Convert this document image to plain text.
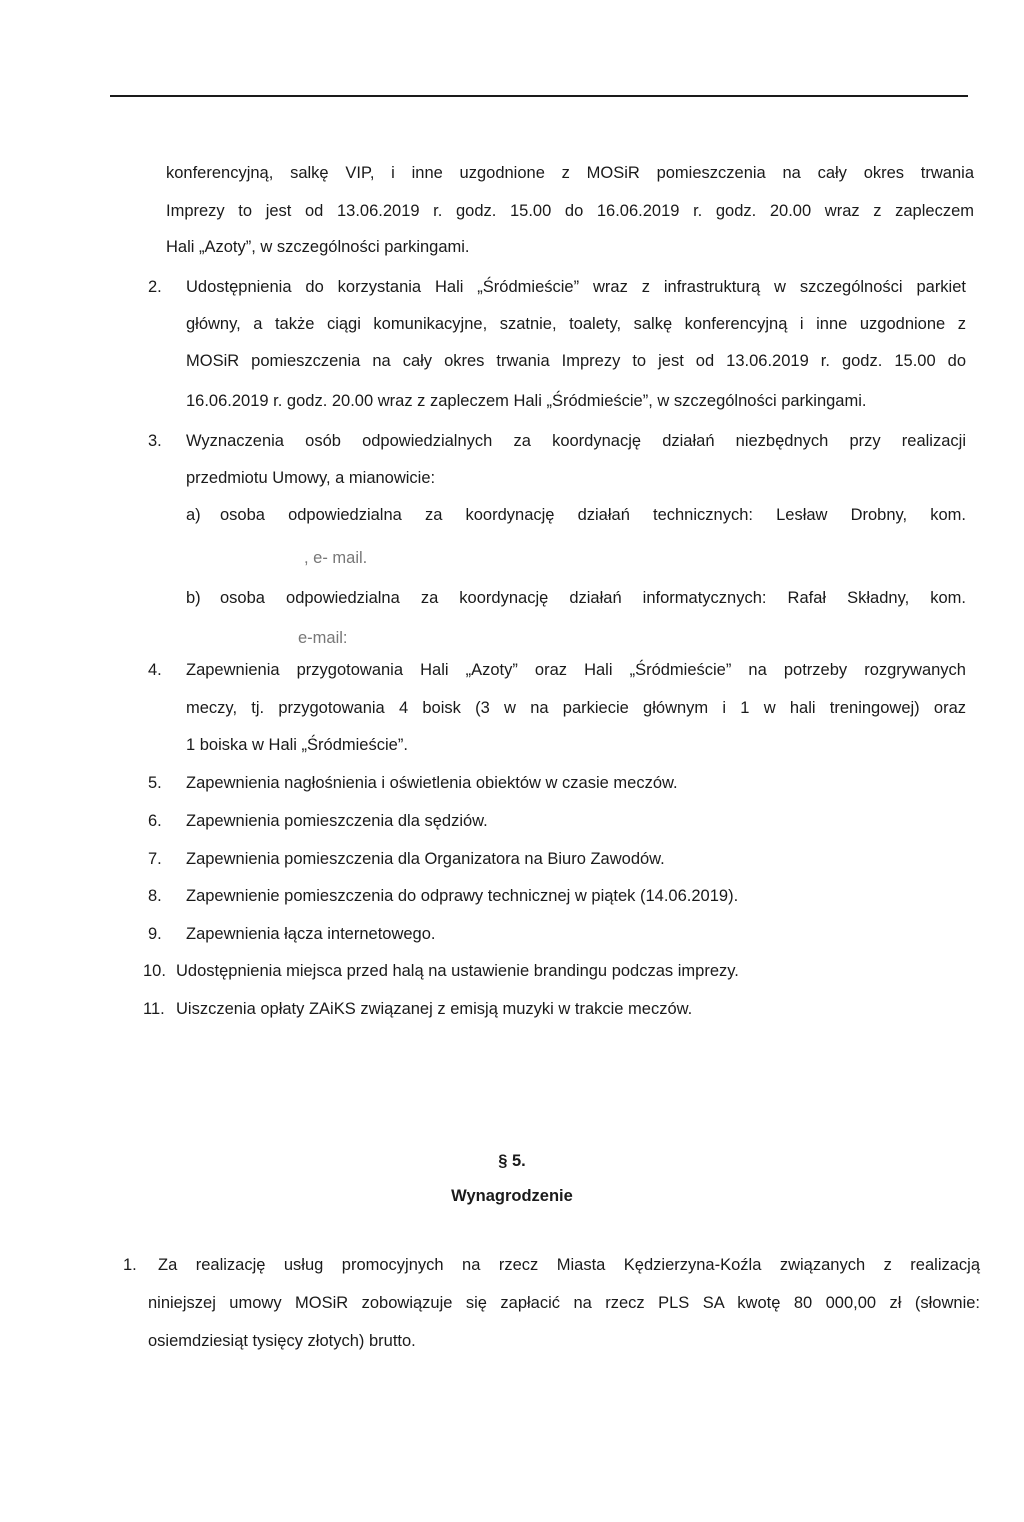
konferencyjną, salkę VIP, i inne uzgodnione z MOSiR pomieszczenia na cały okres trwania
Imprezy to jest od 13.06.2019 r. godz. 15.00 do 16.06.2019 r. godz. 20.00 wraz z zapleczem
Hali „Azoty”, w szczególności parkingami.
2. Udostępnienia do korzystania Hali „Śródmieście” wraz z infrastrukturą w szczególności parkiet
główny, a także ciągi komunikacyjne, szatnie, toalety, salkę konferencyjną i inne uzgodnione z
MOSiR pomieszczenia na cały okres trwania Imprezy to jest od 13.06.2019 r. godz. 15.00 do
16.06.2019 r. godz. 20.00 wraz z zapleczem Hali „Śródmieście”, w szczególności parkingami.
3. Wyznaczenia osób odpowiedzialnych za koordynację działań niezbędnych przy realizacji
przedmiotu Umowy, a mianowicie:
a) osoba odpowiedzialna za koordynację działań technicznych: Lesław Drobny, kom.
, e- mail.
b) osoba odpowiedzialna za koordynację działań informatycznych: Rafał Składny, kom.
e-mail:
4. Zapewnienia przygotowania Hali „Azoty” oraz Hali „Śródmieście” na potrzeby rozgrywanych
meczy, tj. przygotowania 4 boisk (3 w na parkiecie głównym i 1 w hali treningowej) oraz
1 boiska w Hali „Śródmieście”.
5. Zapewnienia nagłośnienia i oświetlenia obiektów w czasie meczów.
6. Zapewnienia pomieszczenia dla sędziów.
7. Zapewnienia pomieszczenia dla Organizatora na Biuro Zawodów.
8. Zapewnienie pomieszczenia do odprawy technicznej w piątek (14.06.2019).
9. Zapewnienia łącza internetowego.
10. Udostępnienia miejsca przed halą na ustawienie brandingu podczas imprezy.
11. Uiszczenia opłaty ZAiKS związanej z emisją muzyki w trakcie meczów.
§ 5.
Wynagrodzenie
1. Za realizację usług promocyjnych na rzecz Miasta Kędzierzyna-Koźla związanych z realizacją
niniejszej umowy MOSiR zobowiązuje się zapłacić na rzecz PLS SA kwotę 80 000,00 zł (słownie:
osiemdziesiąt tysięcy złotych) brutto.
